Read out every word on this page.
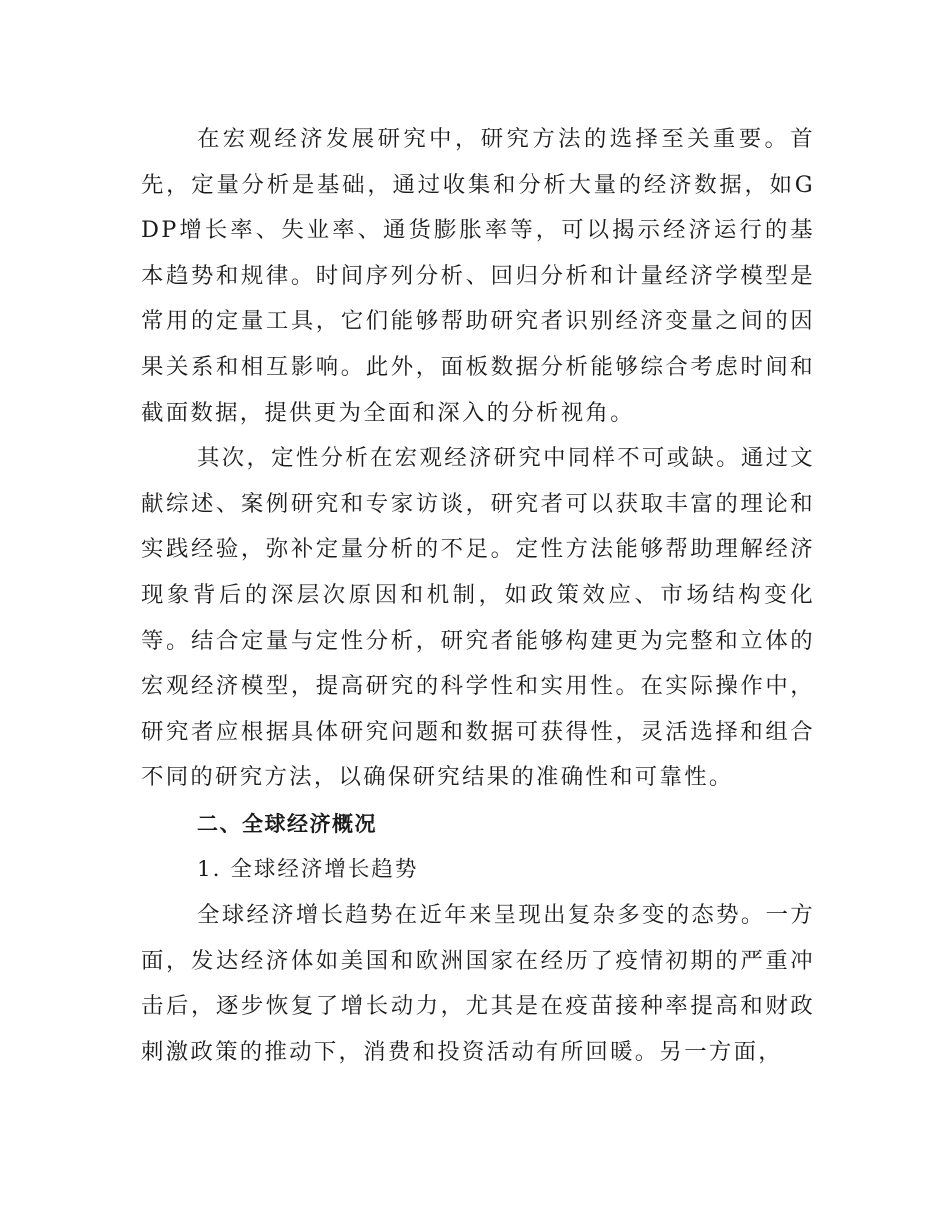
在宏观经济发展研究中，研究方法的选择至关重要。首先，定量分析是基础，通过收集和分析大量的经济数据，如GDP增长率、失业率、通货膨胀率等，可以揭示经济运行的基本趋势和规律。时间序列分析、回归分析和计量经济学模型是常用的定量工具，它们能够帮助研究者识别经济变量之间的因果关系和相互影响。此外，面板数据分析能够综合考虑时间和截面数据，提供更为全面和深入的分析视角。

其次，定性分析在宏观经济研究中同样不可或缺。通过文献综述、案例研究和专家访谈，研究者可以获取丰富的理论和实践经验，弥补定量分析的不足。定性方法能够帮助理解经济现象背后的深层次原因和机制，如政策效应、市场结构变化等。结合定量与定性分析，研究者能够构建更为完整和立体的宏观经济模型，提高研究的科学性和实用性。在实际操作中，研究者应根据具体研究问题和数据可获得性，灵活选择和组合不同的研究方法，以确保研究结果的准确性和可靠性。

二、全球经济概况

1. 全球经济增长趋势

全球经济增长趋势在近年来呈现出复杂多变的态势。一方面，发达经济体如美国和欧洲国家在经历了疫情初期的严重冲击后，逐步恢复了增长动力，尤其是在疫苗接种率提高和财政刺激政策的推动下，消费和投资活动有所回暖。另一方面，
